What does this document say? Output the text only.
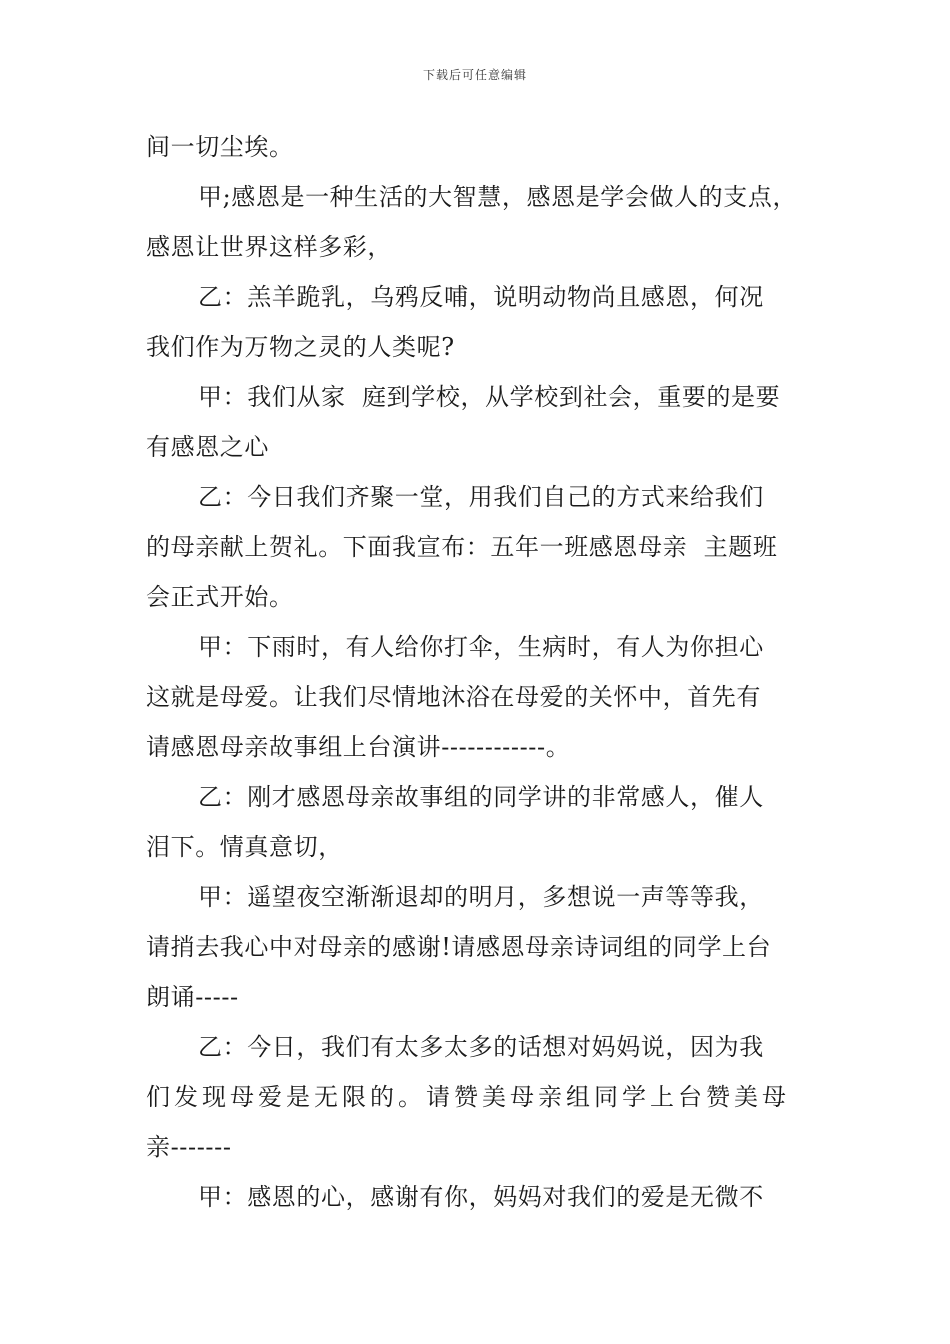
下载后可任意编辑

间一切尘埃。

甲;感恩是一种生活的大智慧，感恩是学会做人的支点，
感恩让世界这样多彩，

乙：羔羊跪乳，乌鸦反哺，说明动物尚且感恩，何况
我们作为万物之灵的人类呢?

甲：我们从家  庭到学校，从学校到社会，重要的是要
有感恩之心

乙：今日我们齐聚一堂，用我们自己的方式来给我们
的母亲献上贺礼。下面我宣布：五年一班感恩母亲  主题班
会正式开始。

甲：下雨时，有人给你打伞，生病时，有人为你担心
这就是母爱。让我们尽情地沐浴在母爱的关怀中，首先有
请感恩母亲故事组上台演讲------------。

乙：刚才感恩母亲故事组的同学讲的非常感人，催人
泪下。情真意切，

甲：遥望夜空渐渐退却的明月，多想说一声等等我，
请捎去我心中对母亲的感谢!请感恩母亲诗词组的同学上台
朗诵-----

乙：今日，我们有太多太多的话想对妈妈说，因为我
们发现母爱是无限的。请赞美母亲组同学上台赞美母
亲-------

甲：感恩的心，感谢有你，妈妈对我们的爱是无微不
